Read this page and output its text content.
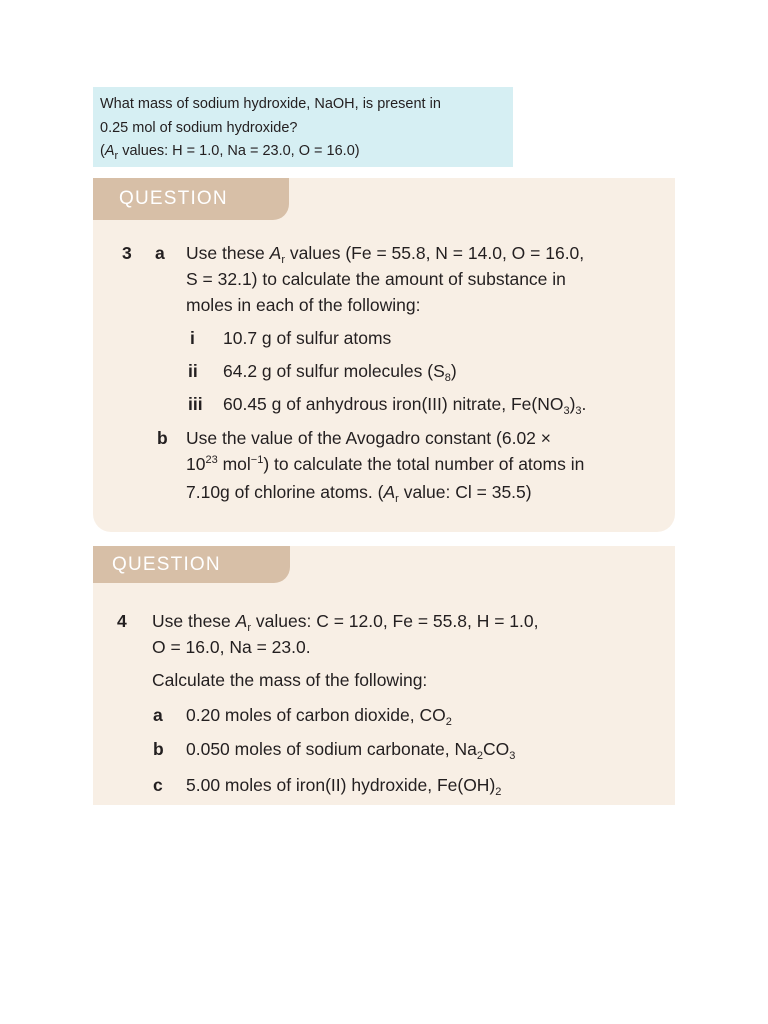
What mass of sodium hydroxide, NaOH, is present in
0.25 mol of sodium hydroxide?
($A_r$ values: H = 1.0, Na = 23.0, O = 16.0)
QUESTION
3 a Use these $A_r$ values (Fe = 55.8, N = 14.0, O = 16.0,
S = 32.1) to calculate the amount of substance in
moles in each of the following:
i 10.7 g of sulfur atoms
ii 64.2 g of sulfur molecules $(S_8)$
iii 60.45 g of anhydrous iron(III) nitrate, $Fe(NO_3)_3$.
b Use the value of the Avogadro constant (6.02 ×
$10^{23}$ mol$^{-1}$) to calculate the total number of atoms in
7.10g of chlorine atoms. ($A_r$ value: Cl = 35.5)
QUESTION
4 Use these $A_r$ values: C = 12.0, Fe = 55.8, H = 1.0,
O = 16.0, Na = 23.0.
Calculate the mass of the following:
a 0.20 moles of carbon dioxide, $CO_2$
b 0.050 moles of sodium carbonate, $Na_2CO_3$
c 5.00 moles of iron(II) hydroxide, $Fe(OH)_2$
